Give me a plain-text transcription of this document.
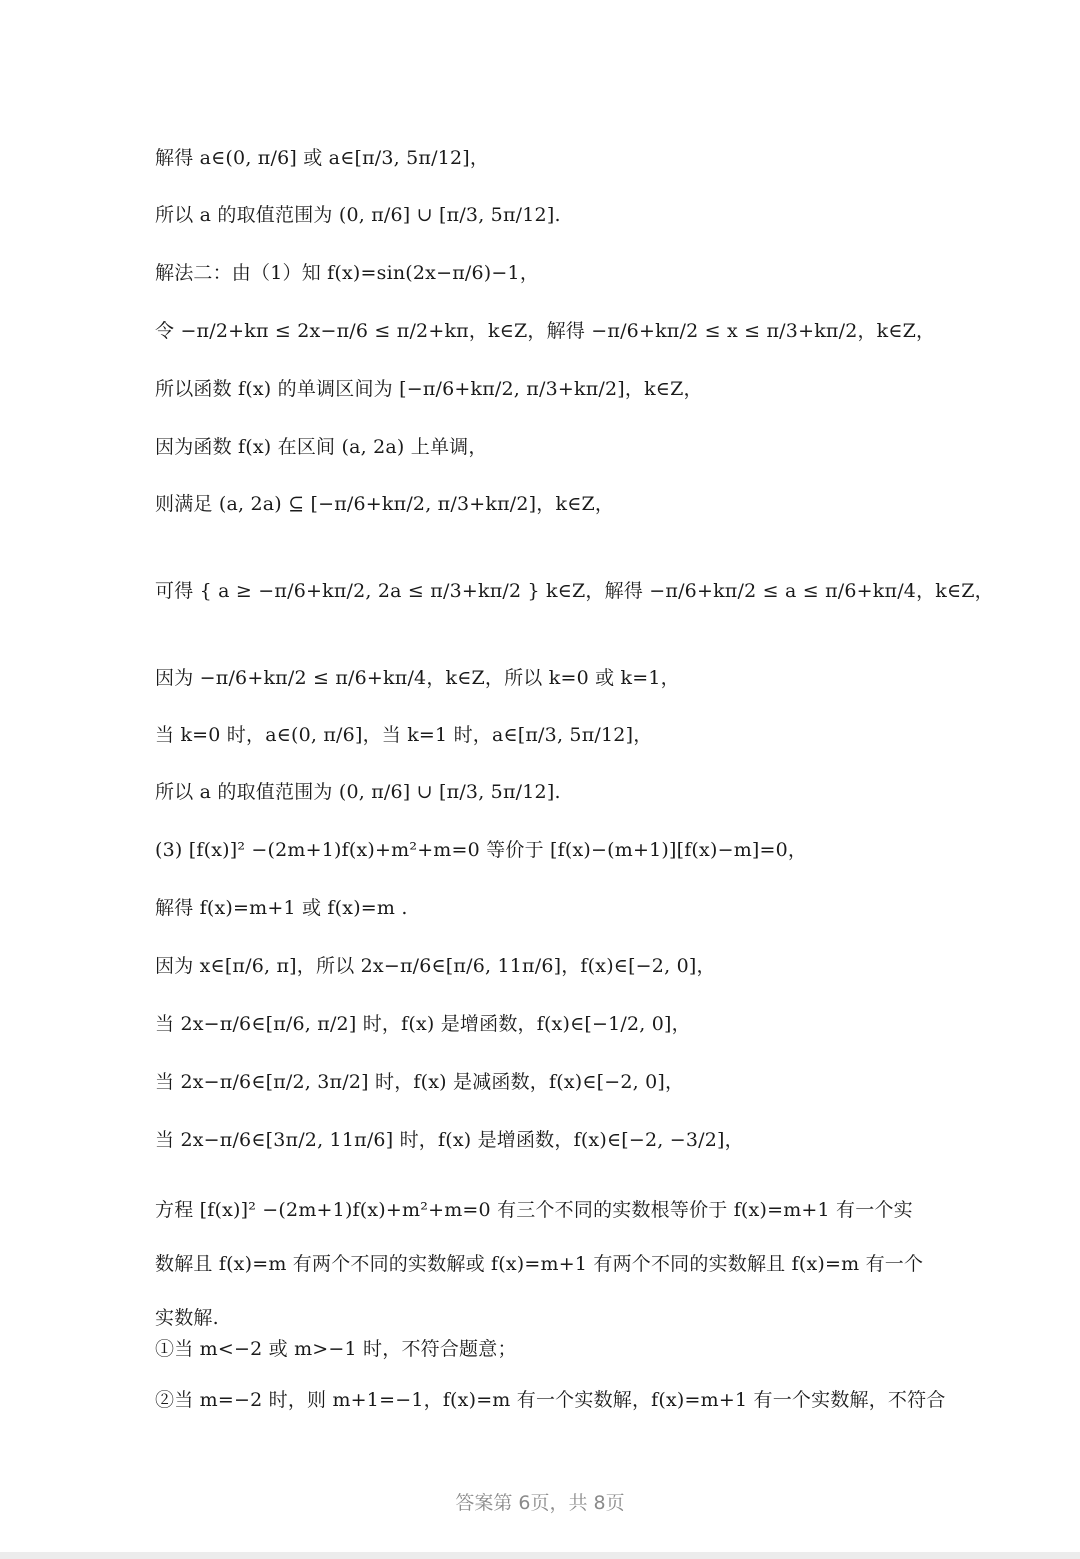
解得 a∈(0, π/6] 或 a∈[π/3, 5π/12]，
所以 a 的取值范围为 (0, π/6] ∪ [π/3, 5π/12].
解法二：由（1）知 f(x)=sin(2x−π/6)−1，
令 −π/2+kπ ≤ 2x−π/6 ≤ π/2+kπ，k∈Z，解得 −π/6+kπ/2 ≤ x ≤ π/3+kπ/2，k∈Z，
所以函数 f(x) 的单调区间为 [−π/6+kπ/2, π/3+kπ/2]，k∈Z，
因为函数 f(x) 在区间 (a, 2a) 上单调，
则满足 (a, 2a) ⊆ [−π/6+kπ/2, π/3+kπ/2]，k∈Z，
可得 { a ≥ −π/6+kπ/2, 2a ≤ π/3+kπ/2 } k∈Z，解得 −π/6+kπ/2 ≤ a ≤ π/6+kπ/4，k∈Z，
因为 −π/6+kπ/2 ≤ π/6+kπ/4，k∈Z，所以 k=0 或 k=1，
当 k=0 时，a∈(0, π/6]，当 k=1 时，a∈[π/3, 5π/12]，
所以 a 的取值范围为 (0, π/6] ∪ [π/3, 5π/12].
(3) [f(x)]² −(2m+1)f(x)+m²+m=0 等价于 [f(x)−(m+1)][f(x)−m]=0，
解得 f(x)=m+1 或 f(x)=m .
因为 x∈[π/6, π]，所以 2x−π/6∈[π/6, 11π/6]，f(x)∈[−2, 0]，
当 2x−π/6∈[π/6, π/2] 时，f(x) 是增函数，f(x)∈[−1/2, 0]，
当 2x−π/6∈[π/2, 3π/2] 时，f(x) 是减函数，f(x)∈[−2, 0]，
当 2x−π/6∈[3π/2, 11π/6] 时，f(x) 是增函数，f(x)∈[−2, −3/2]，
方程 [f(x)]² −(2m+1)f(x)+m²+m=0 有三个不同的实数根等价于 f(x)=m+1 有一个实数解且 f(x)=m 有两个不同的实数解或 f(x)=m+1 有两个不同的实数解且 f(x)=m 有一个实数解.
①当 m<−2 或 m>−1 时，不符合题意；
②当 m=−2 时，则 m+1=−1，f(x)=m 有一个实数解，f(x)=m+1 有一个实数解，不符合
答案第 6页，共 8页
